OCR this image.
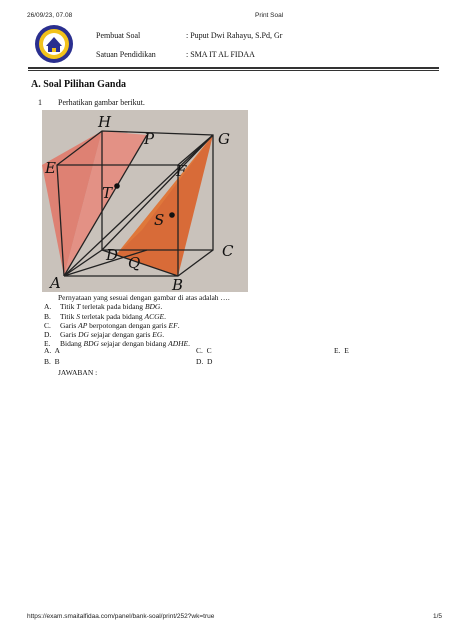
26/09/23, 07.08	Print Soal
https://exam.smaitalfidaa.com/panel/bank-soal/print/252?wk=true	1/5
Pembuat Soal	: Puput Dwi Rahayu, S.Pd, Gr
Satuan Pendidikan	: SMA IT AL FIDAA
A. Soal Pilihan Ganda
1 Perhatikan gambar berikut.
H
P	G
E
T
F
S
D Q
C
A	B
Pernyataan yang sesuai dengan gambar di atas adalah ….
A. Titik T terletak pada bidang BDG.
B. Titik S terletak pada bidang ACGE.
C. Garis AP berpotongan dengan garis EF.
D. Garis DG sejajar dengan garis EG.
E. Bidang BDG sejajar dengan bidang ADHE.
A. A
B. B
C. C
D. D
E. E
JAWABAN :
